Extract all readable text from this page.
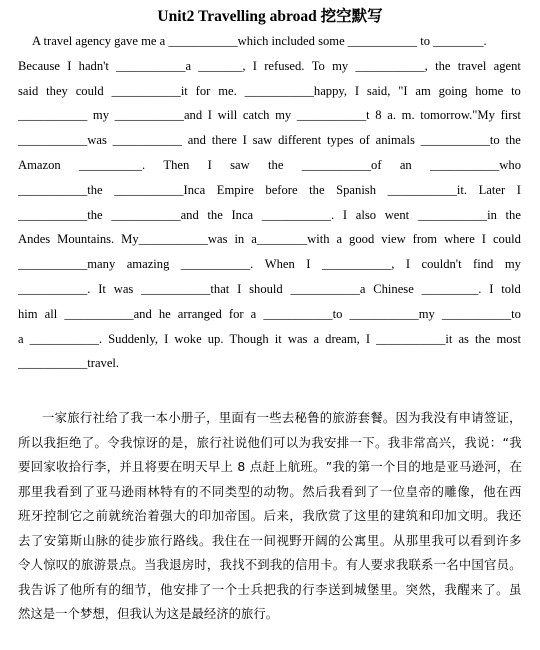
Unit2 Travelling abroad 挖空默写
A travel agency gave me a ___________which included some ___________ to ________.
Because I hadn't ___________a _______, I refused. To my ___________, the travel agent
said they could ___________it for me. ___________happy, I said, "I am going home to
___________ my ___________and I will catch my ___________t 8 a. m. tomorrow."My first
___________was ___________ and there I saw different types of animals ___________to the
Amazon __________. Then I saw the ___________of an ___________who
___________the ___________Inca Empire before the Spanish ___________it. Later I
___________the ___________and the Inca ___________. I also went ___________in the
Andes Mountains. My___________was in a________with a good view from where I could
___________many amazing ___________. When I ___________, I couldn't find my
___________. It was ___________that I should ___________a Chinese _________. I told
him all ___________and he arranged for a ___________to ___________my ___________to
a ___________. Suddenly, I woke up. Though it was a dream, I ___________it as the most
___________travel.
一 家 旅 行 社 给 了 我 一 本 小 册 子 ， 里 面 有 一 些 去 秘 鲁 的 旅 游 套 餐 。 因 为 我 没 有 申 请 签 证 ，
所 以 我 拒 绝 了 。 令 我 惊 讶 的 是 ， 旅 行 社 说 他 们 可 以 为 我 安 排 一 下 。 我 非 常 高 兴 ， 我 说 ： “ 我
要 回 家 收 拾 行 李 ， 并 且 将 要 在 明 天 早 上
8
点 赶 上 航 班 。 ” 我 的 第 一 个 目 的 地 是 亚 马 逊 河 ， 在
那 里 我 看 到 了 亚 马 逊 雨 林 特 有 的 不 同 类 型 的 动 物 。 然 后 我 看 到 了 一 位 皇 帝 的 雕 像 ， 他 在 西
班 牙 控 制 它 之 前 就 统 治 着 强 大 的 印 加 帝 国 。 后 来 ， 我 欣 赏 了 这 里 的 建 筑 和 印 加 文 明 。 我 还
去 了 安 第 斯 山 脉 的 徒 步 旅 行 路 线 。 我 住 在 一 间 视 野 开 阔 的 公 寓 里 。 从 那 里 我 可 以 看 到 许 多
令 人 惊 叹 的 旅 游 景 点 。 当 我 退 房 时 ， 我 找 不 到 我 的 信 用 卡 。 有 人 要 求 我 联 系 一 名 中 国 官 员 。
我 告 诉 了 他 所 有 的 细 节 ， 他 安 排 了 一 个 士 兵 把 我 的 行 李 送 到 城 堡 里 。 突 然 ， 我 醒 来 了 。 虽
然这是一个梦想，但我认为这是最经济的旅行。
